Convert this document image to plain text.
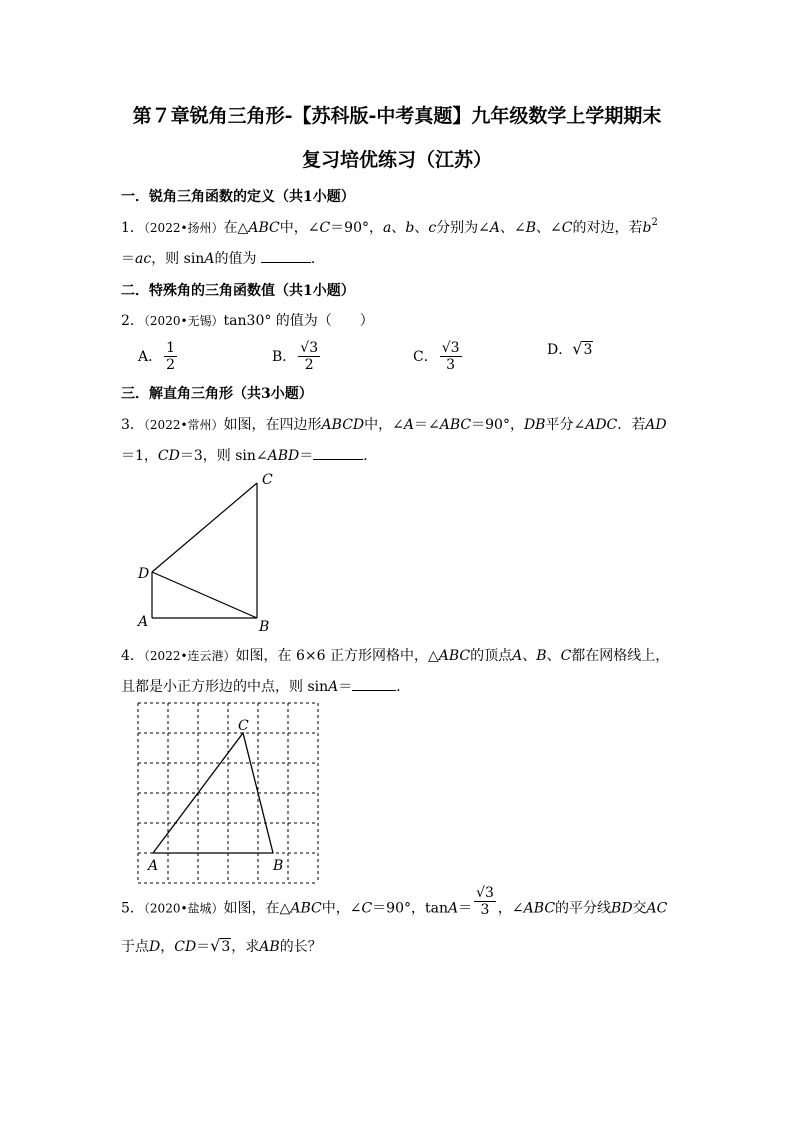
第７章锐角三角形-【苏科版-中考真题】九年级数学上学期期末
复习培优练习（江苏）
一．锐角三角函数的定义（共1小题）
1．（2022•扬州）在△ABC中，∠C＝90°，a、b、c分别为∠A、∠B、∠C的对边，若$b^2$
＝ac，则 sinA的值为	．
二．特殊角的三角函数值（共1小题）
2．（2020•无锡）tan30° 的值为（　　）
A． $\frac{1}{2}$	B． $\frac{√3}{2}$	C． $\frac{√3}{3}$	D．√3
三．解直角三角形（共3小题）
3．（2022•常州）如图，在四边形ABCD中，∠A＝∠ABC＝90°，DB平分∠ADC．若AD
＝1，CD＝3，则 sin∠ABD＝	．
A	B
C
D
4．（2022•连云港）如图，在 6×6 正方形网格中，△ABC的顶点A、B、C都在网格线上，
且都是小正方形边的中点，则 sinA＝	．
A	B
C
5．（2020•盐城）如图，在△ABC中，∠C＝90°，$\tan A= \frac{√3}{3}$ ，∠ABC的平分线BD交AC
于点D，CD＝√3，求AB的长？
